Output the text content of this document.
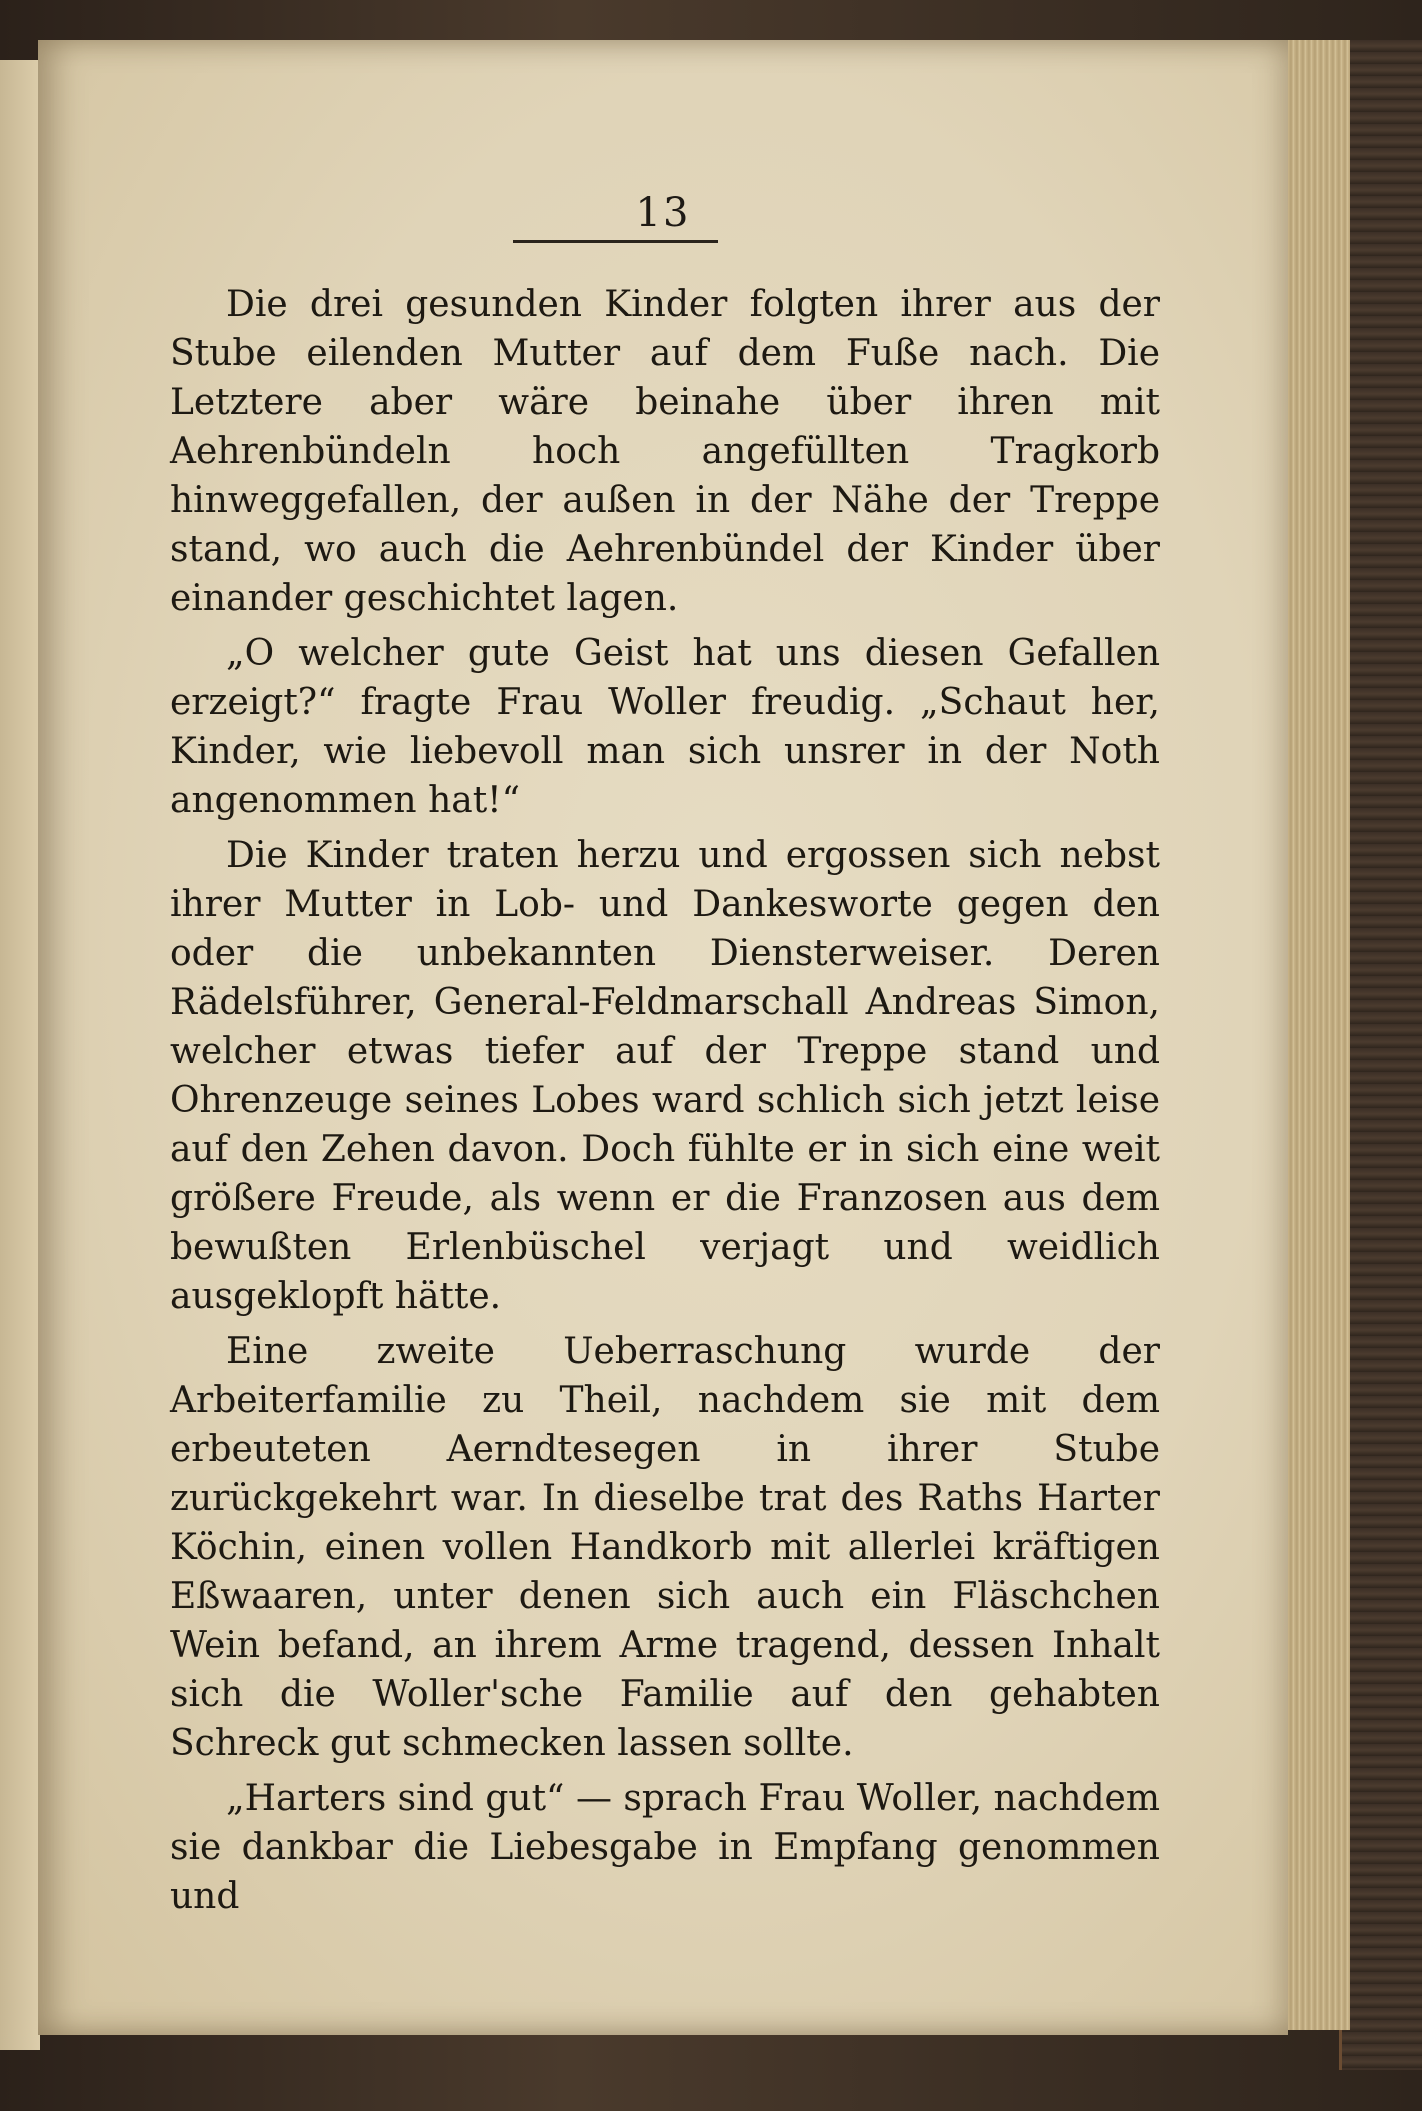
13

Die drei gesunden Kinder folgten ihrer aus der Stube eilenden Mutter auf dem Fuße nach. Die Letztere aber wäre beinahe über ihren mit Aehrenbündeln hoch angefüllten Tragkorb hinweggefallen, der außen in der Nähe der Treppe stand, wo auch die Aehrenbündel der Kinder über einander geschichtet lagen.

„O welcher gute Geist hat uns diesen Gefallen erzeigt?“ fragte Frau Woller freudig. „Schaut her, Kinder, wie liebevoll man sich unsrer in der Noth angenommen hat!“

Die Kinder traten herzu und ergossen sich nebst ihrer Mutter in Lob- und Dankesworte gegen den oder die unbekannten Diensterweiser. Deren Rädelsführer, General-Feldmarschall Andreas Simon, welcher etwas tiefer auf der Treppe stand und Ohrenzeuge seines Lobes ward schlich sich jetzt leise auf den Zehen davon. Doch fühlte er in sich eine weit größere Freude, als wenn er die Franzosen aus dem bewußten Erlenbüschel verjagt und weidlich ausgeklopft hätte.

Eine zweite Ueberraschung wurde der Arbeiterfamilie zu Theil, nachdem sie mit dem erbeuteten Aerndtesegen in ihrer Stube zurückgekehrt war. In dieselbe trat des Raths Harter Köchin, einen vollen Handkorb mit allerlei kräftigen Eßwaaren, unter denen sich auch ein Fläschchen Wein befand, an ihrem Arme tragend, dessen Inhalt sich die Woller'sche Familie auf den gehabten Schreck gut schmecken lassen sollte.

„Harters sind gut“ — sprach Frau Woller, nachdem sie dankbar die Liebesgabe in Empfang genommen und
